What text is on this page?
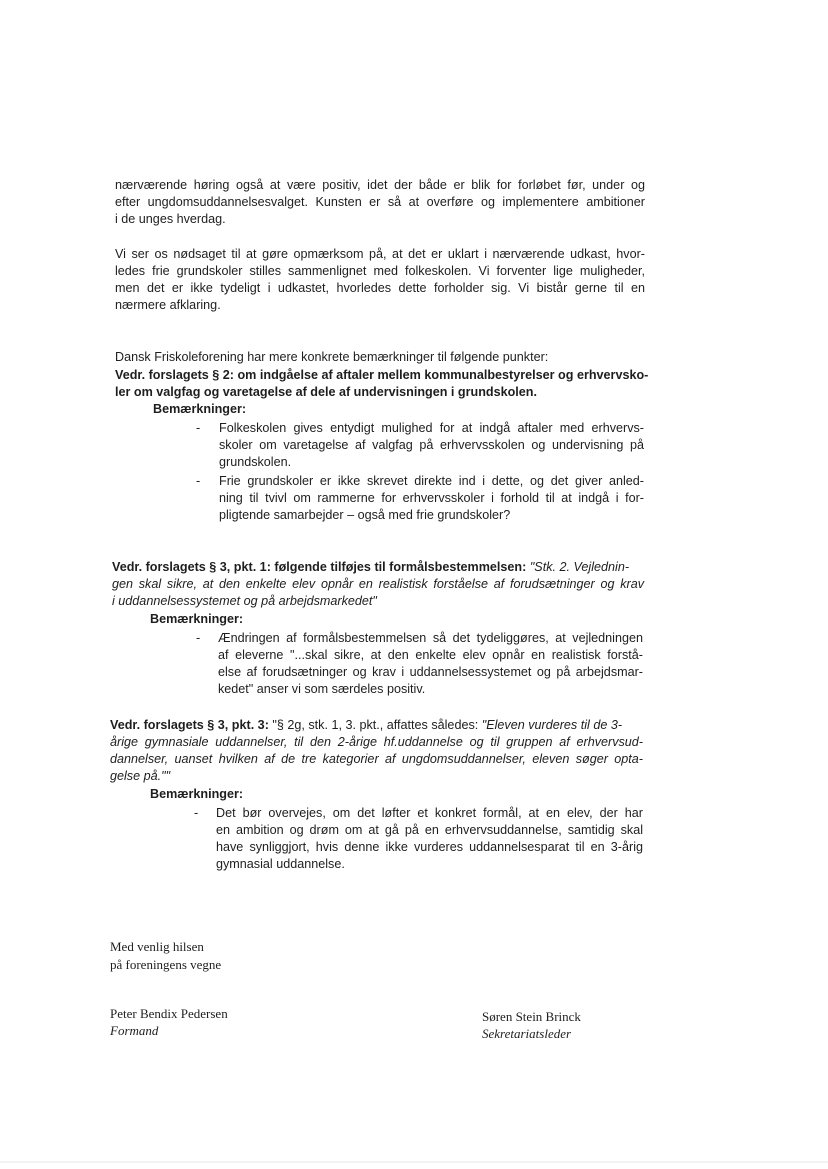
nærværende høring også at være positiv, idet der både er blik for forløbet før, under og
efter ungdomsuddannelsesvalget. Kunsten er så at overføre og implementere ambitioner
i de unges hverdag.
Vi ser os nødsaget til at gøre opmærksom på, at det er uklart i nærværende udkast, hvor-
ledes frie grundskoler stilles sammenlignet med folkeskolen. Vi forventer lige muligheder,
men det er ikke tydeligt i udkastet, hvorledes dette forholder sig. Vi bistår gerne til en
nærmere afklaring.
Dansk Friskoleforening har mere konkrete bemærkninger til følgende punkter:
Vedr. forslagets § 2: om indgåelse af aftaler mellem kommunalbestyrelser og erhvervsko-
ler om valgfag og varetagelse af dele af undervisningen i grundskolen.
Bemærkninger:
- Folkeskolen gives entydigt mulighed for at indgå aftaler med erhvervs-
skoler om varetagelse af valgfag på erhvervsskolen og undervisning på
grundskolen.
- Frie grundskoler er ikke skrevet direkte ind i dette, og det giver anled-
ning til tvivl om rammerne for erhvervsskoler i forhold til at indgå i for-
pligtende samarbejder – også med frie grundskoler?
Vedr. forslagets § 3, pkt. 1: følgende tilføjes til formålsbestemmelsen: "Stk. 2. Vejlednin-
gen skal sikre, at den enkelte elev opnår en realistisk forståelse af forudsætninger og krav
i uddannelsessystemet og på arbejdsmarkedet"
Bemærkninger:
- Ændringen af formålsbestemmelsen så det tydeliggøres, at vejledningen
af eleverne "...skal sikre, at den enkelte elev opnår en realistisk forstå-
else af forudsætninger og krav i uddannelsessystemet og på arbejdsmar-
kedet" anser vi som særdeles positiv.
Vedr. forslagets § 3, pkt. 3: "§ 2g, stk. 1, 3. pkt., affattes således: "Eleven vurderes til de 3-
årige gymnasiale uddannelser, til den 2-årige hf.uddannelse og til gruppen af erhvervsud-
dannelser, uanset hvilken af de tre kategorier af ungdomsuddannelser, eleven søger opta-
gelse på.""
Bemærkninger:
- Det bør overvejes, om det løfter et konkret formål, at en elev, der har
en ambition og drøm om at gå på en erhvervsuddannelse, samtidig skal
have synliggjort, hvis denne ikke vurderes uddannelsesparat til en 3-årig
gymnasial uddannelse.
Med venlig hilsen
på foreningens vegne
Peter Bendix Pedersen
Formand
Søren Stein Brinck
Sekretariatsleder
